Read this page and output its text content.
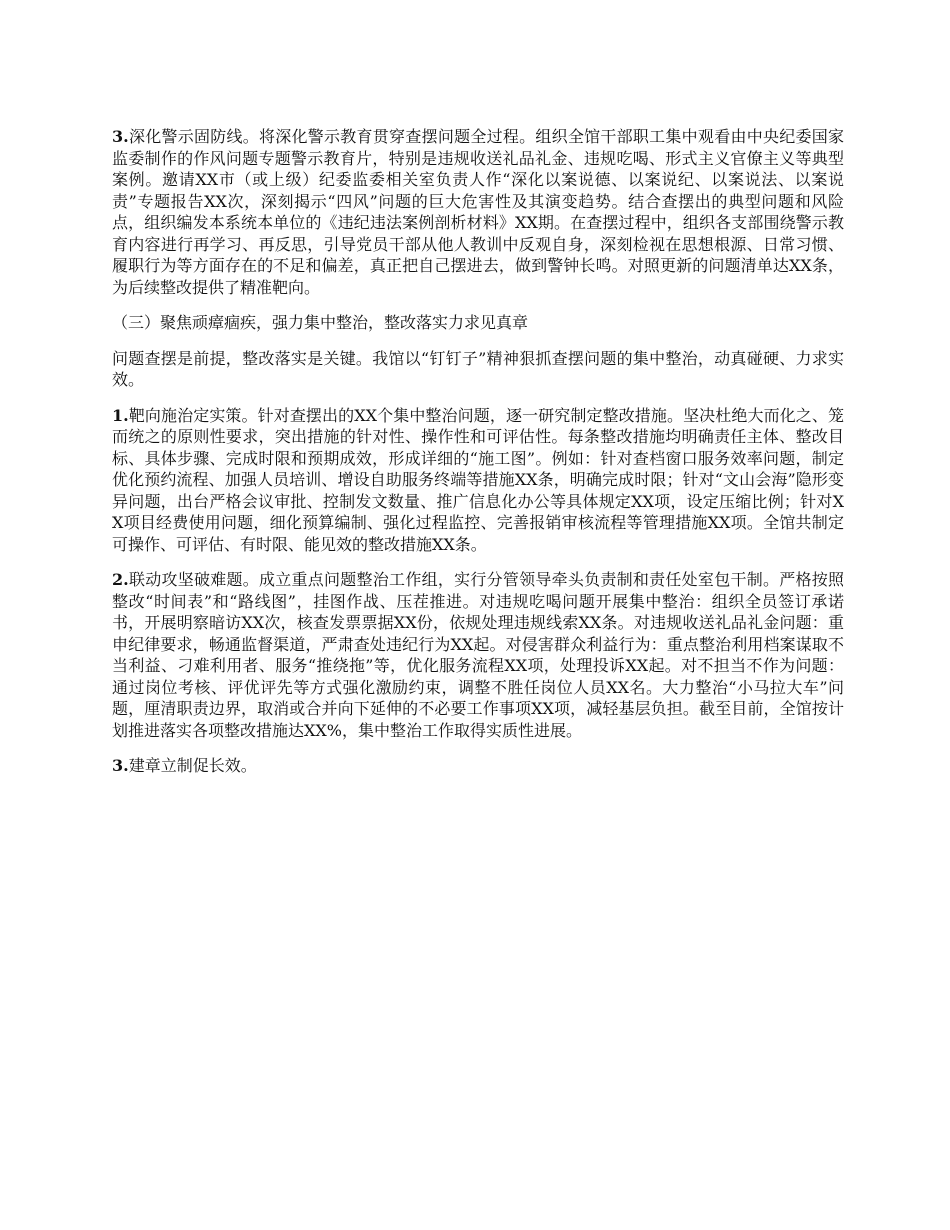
3.深化警示固防线。将深化警示教育贯穿查摆问题全过程。组织全馆干部职工集中观看由中央纪委国家监委制作的作风问题专题警示教育片，特别是违规收送礼品礼金、违规吃喝、形式主义官僚主义等典型案例。邀请XX市（或上级）纪委监委相关室负责人作“深化以案说德、以案说纪、以案说法、以案说责”专题报告XX次，深刻揭示“四风”问题的巨大危害性及其演变趋势。结合查摆出的典型问题和风险点，组织编发本系统本单位的《违纪违法案例剖析材料》XX期。在查摆过程中，组织各支部围绕警示教育内容进行再学习、再反思，引导党员干部从他人教训中反观自身，深刻检视在思想根源、日常习惯、履职行为等方面存在的不足和偏差，真正把自己摆进去，做到警钟长鸣。对照更新的问题清单达XX条，为后续整改提供了精准靶向。

（三）聚焦顽瘴痼疾，强力集中整治，整改落实力求见真章

问题查摆是前提，整改落实是关键。我馆以“钉钉子”精神狠抓查摆问题的集中整治，动真碰硬、力求实效。

1.靶向施治定实策。针对查摆出的XX个集中整治问题，逐一研究制定整改措施。坚决杜绝大而化之、笼而统之的原则性要求，突出措施的针对性、操作性和可评估性。每条整改措施均明确责任主体、整改目标、具体步骤、完成时限和预期成效，形成详细的“施工图”。例如：针对查档窗口服务效率问题，制定优化预约流程、加强人员培训、增设自助服务终端等措施XX条，明确完成时限；针对“文山会海”隐形变异问题，出台严格会议审批、控制发文数量、推广信息化办公等具体规定XX项，设定压缩比例；针对XX项目经费使用问题，细化预算编制、强化过程监控、完善报销审核流程等管理措施XX项。全馆共制定可操作、可评估、有时限、能见效的整改措施XX条。

2.联动攻坚破难题。成立重点问题整治工作组，实行分管领导牵头负责制和责任处室包干制。严格按照整改“时间表”和“路线图”，挂图作战、压茬推进。对违规吃喝问题开展集中整治：组织全员签订承诺书，开展明察暗访XX次，核查发票票据XX份，依规处理违规线索XX条。对违规收送礼品礼金问题：重申纪律要求，畅通监督渠道，严肃查处违纪行为XX起。对侵害群众利益行为：重点整治利用档案谋取不当利益、刁难利用者、服务“推绕拖”等，优化服务流程XX项，处理投诉XX起。对不担当不作为问题：通过岗位考核、评优评先等方式强化激励约束，调整不胜任岗位人员XX名。大力整治“小马拉大车”问题，厘清职责边界，取消或合并向下延伸的不必要工作事项XX项，减轻基层负担。截至目前，全馆按计划推进落实各项整改措施达XX%，集中整治工作取得实质性进展。

3.建章立制促长效。
